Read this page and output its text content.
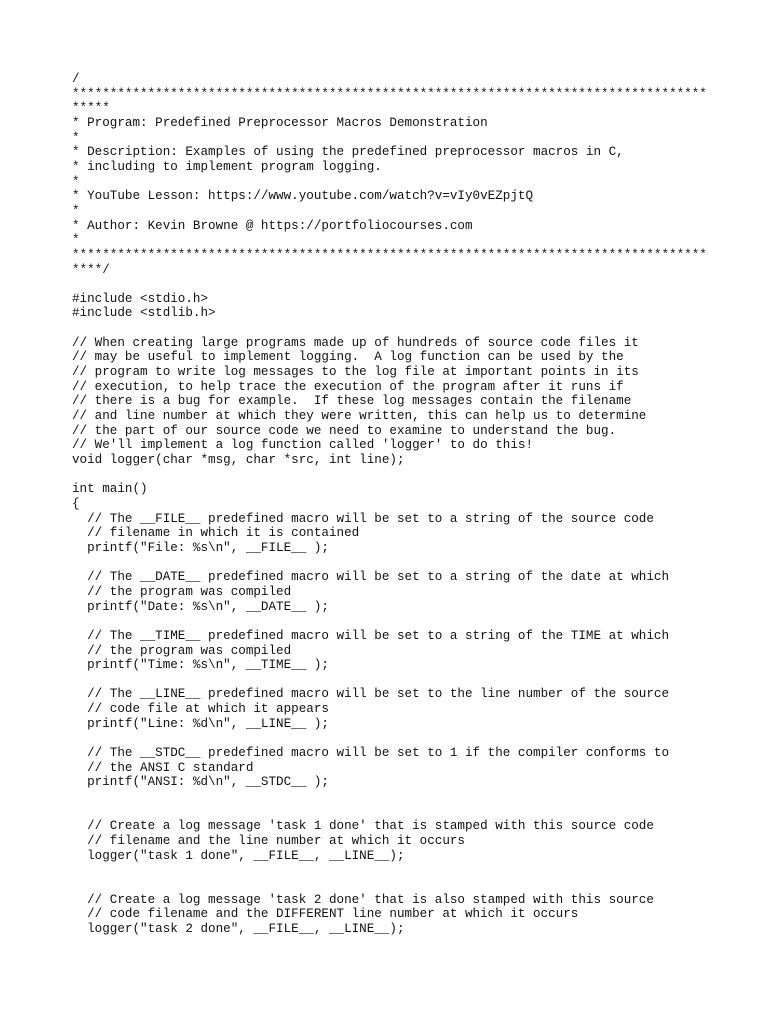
/
************************************************************************************
*****
* Program: Predefined Preprocessor Macros Demonstration
*
* Description: Examples of using the predefined preprocessor macros in C,
* including to implement program logging.
*
* YouTube Lesson: https://www.youtube.com/watch?v=vIy0vEZpjtQ
*
* Author: Kevin Browne @ https://portfoliocourses.com
*
************************************************************************************
****/
#include <stdio.h>
#include <stdlib.h>
// When creating large programs made up of hundreds of source code files it
// may be useful to implement logging.  A log function can be used by the
// program to write log messages to the log file at important points in its
// execution, to help trace the execution of the program after it runs if
// there is a bug for example.  If these log messages contain the filename
// and line number at which they were written, this can help us to determine
// the part of our source code we need to examine to understand the bug.
// We'll implement a log function called 'logger' to do this!
void logger(char *msg, char *src, int line);
int main()
{
// The __FILE__ predefined macro will be set to a string of the source code
// filename in which it is contained
printf("File: %s\n", __FILE__ );
// The __DATE__ predefined macro will be set to a string of the date at which
// the program was compiled
printf("Date: %s\n", __DATE__ );
// The __TIME__ predefined macro will be set to a string of the TIME at which
// the program was compiled
printf("Time: %s\n", __TIME__ );
// The __LINE__ predefined macro will be set to the line number of the source
// code file at which it appears
printf("Line: %d\n", __LINE__ );
// The __STDC__ predefined macro will be set to 1 if the compiler conforms to
// the ANSI C standard
printf("ANSI: %d\n", __STDC__ );
// Create a log message 'task 1 done' that is stamped with this source code
// filename and the line number at which it occurs
logger("task 1 done", __FILE__, __LINE__);
// Create a log message 'task 2 done' that is also stamped with this source
// code filename and the DIFFERENT line number at which it occurs
logger("task 2 done", __FILE__, __LINE__);
